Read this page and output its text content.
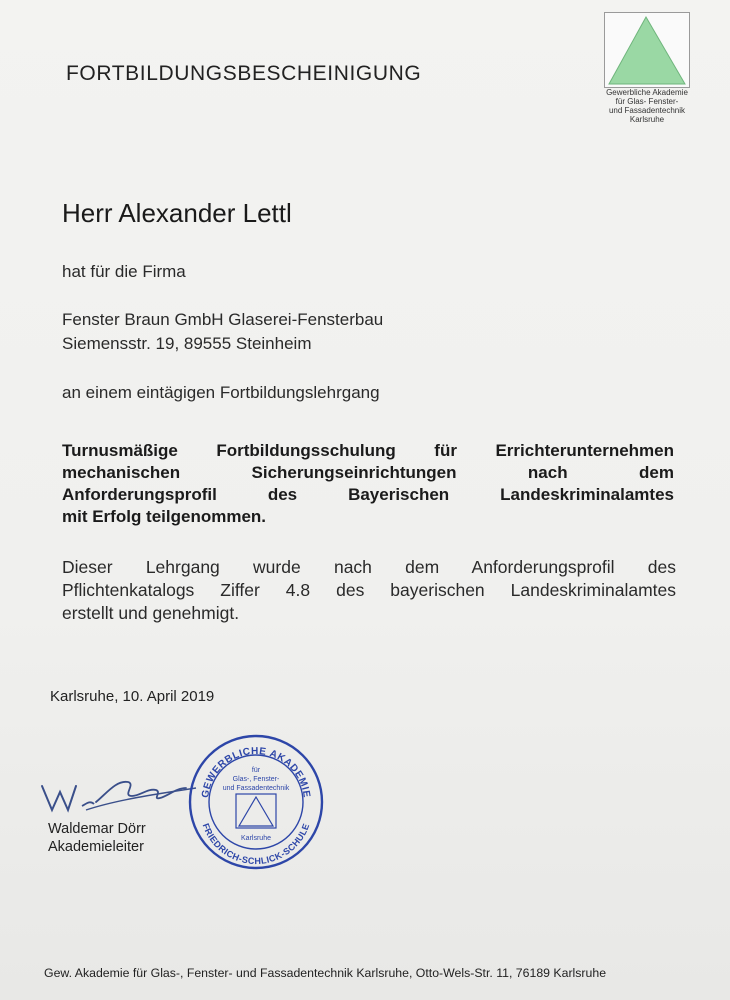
FORTBILDUNGSBESCHEINIGUNG
Gewerbliche Akademie
für Glas- Fenster-
und Fassadentechnik
Karlsruhe
Herr Alexander Lettl
hat für die Firma
Fenster Braun GmbH Glaserei-Fensterbau
Siemensstr. 19, 89555 Steinheim
an einem eintägigen Fortbildungslehrgang
Turnusmäßige Fortbildungsschulung für Errichterunternehmen
mechanischen Sicherungseinrichtungen nach dem
Anforderungsprofil des Bayerischen Landeskriminalamtes
mit Erfolg teilgenommen.
Dieser Lehrgang wurde nach dem Anforderungsprofil des
Pflichtenkatalogs Ziffer 4.8 des bayerischen Landeskriminalamtes
erstellt und genehmigt.
Karlsruhe, 10. April 2019
Waldemar Dörr
Akademieleiter
GEWERBLICHE AKADEMIE
FRIEDRICH-SCHLICK-SCHULE
für
Glas-, Fenster-
und Fassadentechnik
Karlsruhe
Gew. Akademie für Glas-, Fenster- und Fassadentechnik Karlsruhe, Otto-Wels-Str. 11, 76189 Karlsruhe
